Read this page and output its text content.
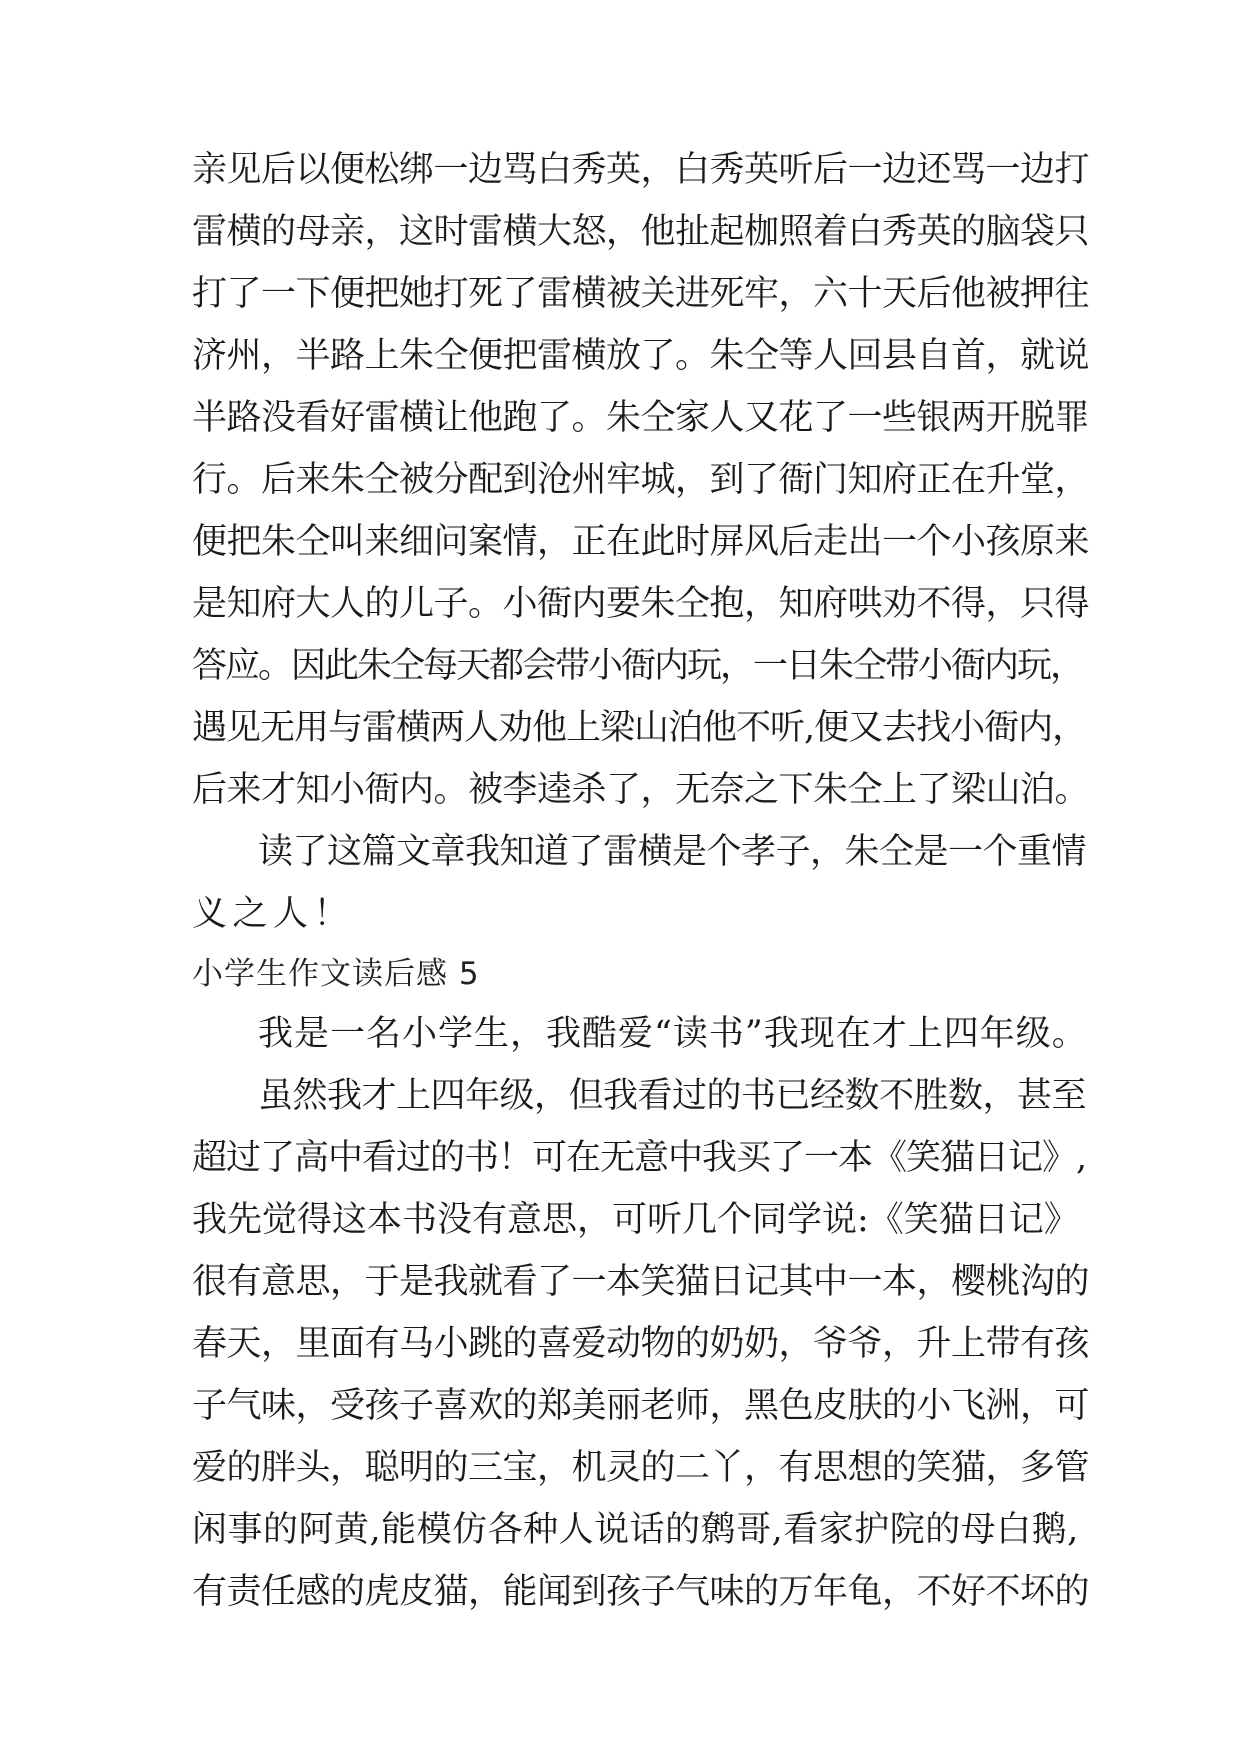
亲见后以便松绑一边骂白秀英，白秀英听后一边还骂一边打
雷横的母亲，这时雷横大怒，他扯起枷照着白秀英的脑袋只
打了一下便把她打死了雷横被关进死牢，六十天后他被押往
济州，半路上朱仝便把雷横放了。朱仝等人回县自首，就说
半路没看好雷横让他跑了。朱仝家人又花了一些银两开脱罪
行。后来朱仝被分配到沧州牢城，到了衙门知府正在升堂，
便把朱仝叫来细问案情，正在此时屏风后走出一个小孩原来
是知府大人的儿子。小衙内要朱仝抱，知府哄劝不得，只得
答应。因此朱仝每天都会带小衙内玩，一日朱仝带小衙内玩，
遇见无用与雷横两人劝他上梁山泊他不听,便又去找小衙内，
后来才知小衙内。被李逵杀了，无奈之下朱仝上了梁山泊。
读了这篇文章我知道了雷横是个孝子，朱仝是一个重情
义之人！
小学生作文读后感 5
我是一名小学生，我酷爱“读书”我现在才上四年级。
虽然我才上四年级，但我看过的书已经数不胜数，甚至
超过了高中看过的书！可在无意中我买了一本《笑猫日记》,
我先觉得这本书没有意思，可听几个同学说:《笑猫日记》
很有意思，于是我就看了一本笑猫日记其中一本，樱桃沟的
春天，里面有马小跳的喜爱动物的奶奶，爷爷，升上带有孩
子气味，受孩子喜欢的郑美丽老师，黑色皮肤的小飞洲，可
爱的胖头，聪明的三宝，机灵的二丫，有思想的笑猫，多管
闲事的阿黄,能模仿各种人说话的鹩哥,看家护院的母白鹅,
有责任感的虎皮猫，能闻到孩子气味的万年龟，不好不坏的
